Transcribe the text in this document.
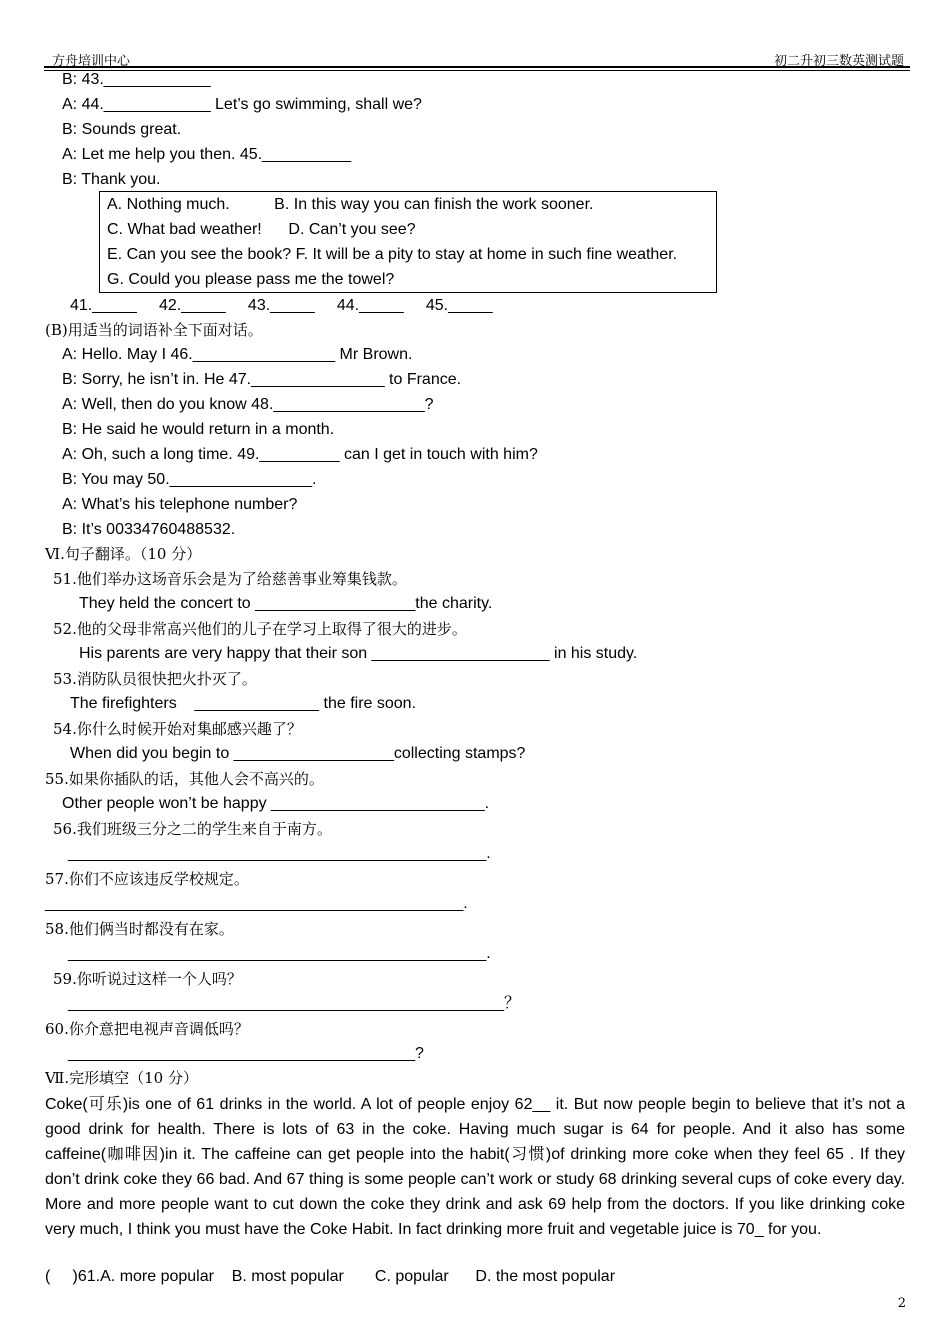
方舟培训中心	初二升初三数英测试题
B: 43.____________
A: 44.____________ Let’s go swimming, shall we?
B: Sounds great.
A: Let me help you then. 45.__________
B: Thank you.
A. Nothing much.          B. In this way you can finish the work sooner.
C. What bad weather!      D. Can’t you see?
E. Can you see the book? F. It will be a pity to stay at home in such fine weather.
G. Could you please pass me the towel?
41._____     42._____     43._____     44._____     45._____
(B)用适当的词语补全下面对话。
A: Hello. May I 46.________________ Mr Brown.
B: Sorry, he isn’t in. He 47._______________ to France.
A: Well, then do you know 48._________________?
B: He said he would return in a month.
A: Oh, such a long time. 49._________ can I get in touch with him?
B: You may 50.________________.
A: What’s his telephone number?
B: It’s 00334760488532.
Ⅵ.句子翻译。（10 分）
51.他们举办这场音乐会是为了给慈善事业筹集钱款。
They held the concert to __________________the charity.
52.他的父母非常高兴他们的儿子在学习上取得了很大的进步。
His parents are very happy that their son ____________________ in his study.
53.消防队员很快把火扑灭了。
The firefighters    ______________ the fire soon.
54.你什么时候开始对集邮感兴趣了？
When did you begin to __________________collecting stamps?
55.如果你插队的话，其他人会不高兴的。
Other people won’t be happy ________________________.
56.我们班级三分之二的学生来自于南方。
_______________________________________________.
57.你们不应该违反学校规定。
_______________________________________________.
58.他们俩当时都没有在家。
_______________________________________________.
59.你听说过这样一个人吗？
_________________________________________________？
60.你介意把电视声音调低吗？
_______________________________________?
Ⅶ.完形填空（10 分）
Coke(可乐)is one of 61 drinks in the world. A lot of people enjoy 62__ it. But now people begin to believe that it’s not a good drink for health. There is lots of 63 in the coke. Having much sugar is 64 for people. And it also has some caffeine(咖啡因)in it. The caffeine can get people into the habit(习惯)of drinking more coke when they feel 65 . If they don’t drink coke they 66 bad. And 67 thing is some people can’t work or study 68 drinking several cups of coke every day. More and more people want to cut down the coke they drink and ask 69 help from the doctors. If you like drinking coke very much, I think you must have the Coke Habit. In fact drinking more fruit and vegetable juice is 70_ for you.
(     )61.A. more popular    B. most popular       C. popular      D. the most popular
2
